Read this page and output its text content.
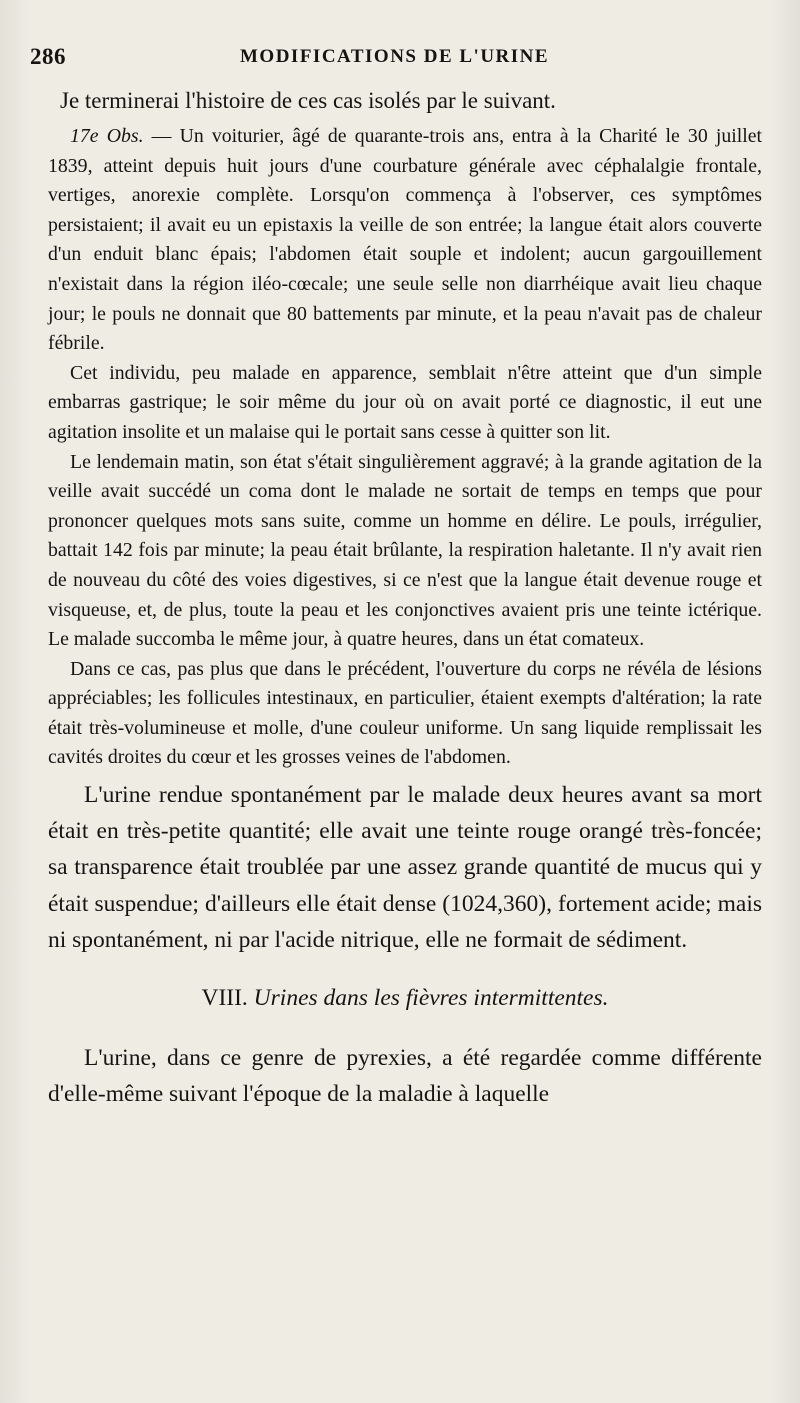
286	MODIFICATIONS DE L'URINE

Je terminerai l'histoire de ces cas isolés par le suivant.

17e Obs. — Un voiturier, âgé de quarante-trois ans, entra à la Charité le 30 juillet 1839, atteint depuis huit jours d'une courbature générale avec céphalalgie frontale, vertiges, anorexie complète. Lorsqu'on commença à l'observer, ces symptômes persistaient; il avait eu un epistaxis la veille de son entrée; la langue était alors couverte d'un enduit blanc épais; l'abdomen était souple et indolent; aucun gargouillement n'existait dans la région iléo-cœcale; une seule selle non diarrhéique avait lieu chaque jour; le pouls ne donnait que 80 battements par minute, et la peau n'avait pas de chaleur fébrile.

Cet individu, peu malade en apparence, semblait n'être atteint que d'un simple embarras gastrique; le soir même du jour où on avait porté ce diagnostic, il eut une agitation insolite et un malaise qui le portait sans cesse à quitter son lit.

Le lendemain matin, son état s'était singulièrement aggravé; à la grande agitation de la veille avait succédé un coma dont le malade ne sortait de temps en temps que pour prononcer quelques mots sans suite, comme un homme en délire. Le pouls, irrégulier, battait 142 fois par minute; la peau était brûlante, la respiration haletante. Il n'y avait rien de nouveau du côté des voies digestives, si ce n'est que la langue était devenue rouge et visqueuse, et, de plus, toute la peau et les conjonctives avaient pris une teinte ictérique. Le malade succomba le même jour, à quatre heures, dans un état comateux.

Dans ce cas, pas plus que dans le précédent, l'ouverture du corps ne révéla de lésions appréciables; les follicules intestinaux, en particulier, étaient exempts d'altération; la rate était très-volumineuse et molle, d'une couleur uniforme. Un sang liquide remplissait les cavités droites du cœur et les grosses veines de l'abdomen.

L'urine rendue spontanément par le malade deux heures avant sa mort était en très-petite quantité; elle avait une teinte rouge orangé très-foncée; sa transparence était troublée par une assez grande quantité de mucus qui y était suspendue; d'ailleurs elle était dense (1024,360), fortement acide; mais ni spontanément, ni par l'acide nitrique, elle ne formait de sédiment.

VIII. Urines dans les fièvres intermittentes.

L'urine, dans ce genre de pyrexies, a été regardée comme différente d'elle-même suivant l'époque de la maladie à laquelle
